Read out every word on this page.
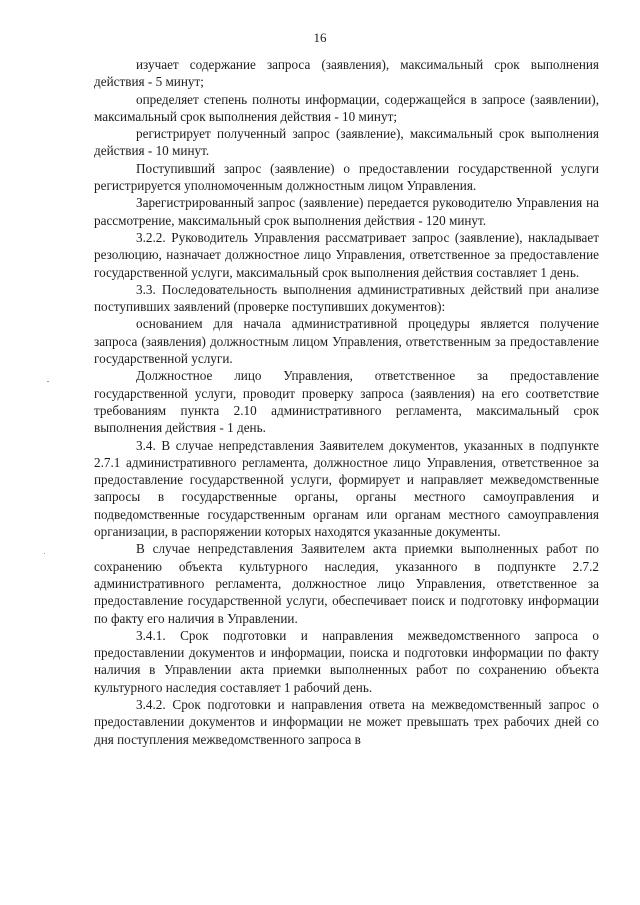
16

изучает содержание запроса (заявления), максимальный срок выполнения действия - 5 минут;

определяет степень полноты информации, содержащейся в запросе (заявлении), максимальный срок выполнения действия - 10 минут;

регистрирует полученный запрос (заявление), максимальный срок выполнения действия - 10 минут.

Поступивший запрос (заявление) о предоставлении государственной услуги регистрируется уполномоченным должностным лицом Управления.

Зарегистрированный запрос (заявление) передается руководителю Управления на рассмотрение, максимальный срок выполнения действия - 120 минут.

3.2.2. Руководитель Управления рассматривает запрос (заявление), накладывает резолюцию, назначает должностное лицо Управления, ответственное за предоставление государственной услуги, максимальный срок выполнения действия составляет 1 день.

3.3. Последовательность выполнения административных действий при анализе поступивших заявлений (проверке поступивших документов):

основанием для начала административной процедуры является получение запроса (заявления) должностным лицом Управления, ответственным за предоставление государственной услуги.

Должностное лицо Управления, ответственное за предоставление государственной услуги, проводит проверку запроса (заявления) на его соответствие требованиям пункта 2.10 административного регламента, максимальный срок выполнения действия - 1 день.

3.4. В случае непредставления Заявителем документов, указанных в подпункте 2.7.1 административного регламента, должностное лицо Управления, ответственное за предоставление государственной услуги, формирует и направляет межведомственные запросы в государственные органы, органы местного самоуправления и подведомственные государственным органам или органам местного самоуправления организации, в распоряжении которых находятся указанные документы.

В случае непредставления Заявителем акта приемки выполненных работ по сохранению объекта культурного наследия, указанного в подпункте 2.7.2 административного регламента, должностное лицо Управления, ответственное за предоставление государственной услуги, обеспечивает поиск и подготовку информации по факту его наличия в Управлении.

3.4.1. Срок подготовки и направления межведомственного запроса о предоставлении документов и информации, поиска и подготовки информации по факту наличия в Управлении акта приемки выполненных работ по сохранению объекта культурного наследия составляет 1 рабочий день.

3.4.2. Срок подготовки и направления ответа на межведомственный запрос о предоставлении документов и информации не может превышать трех рабочих дней со дня поступления межведомственного запроса в
